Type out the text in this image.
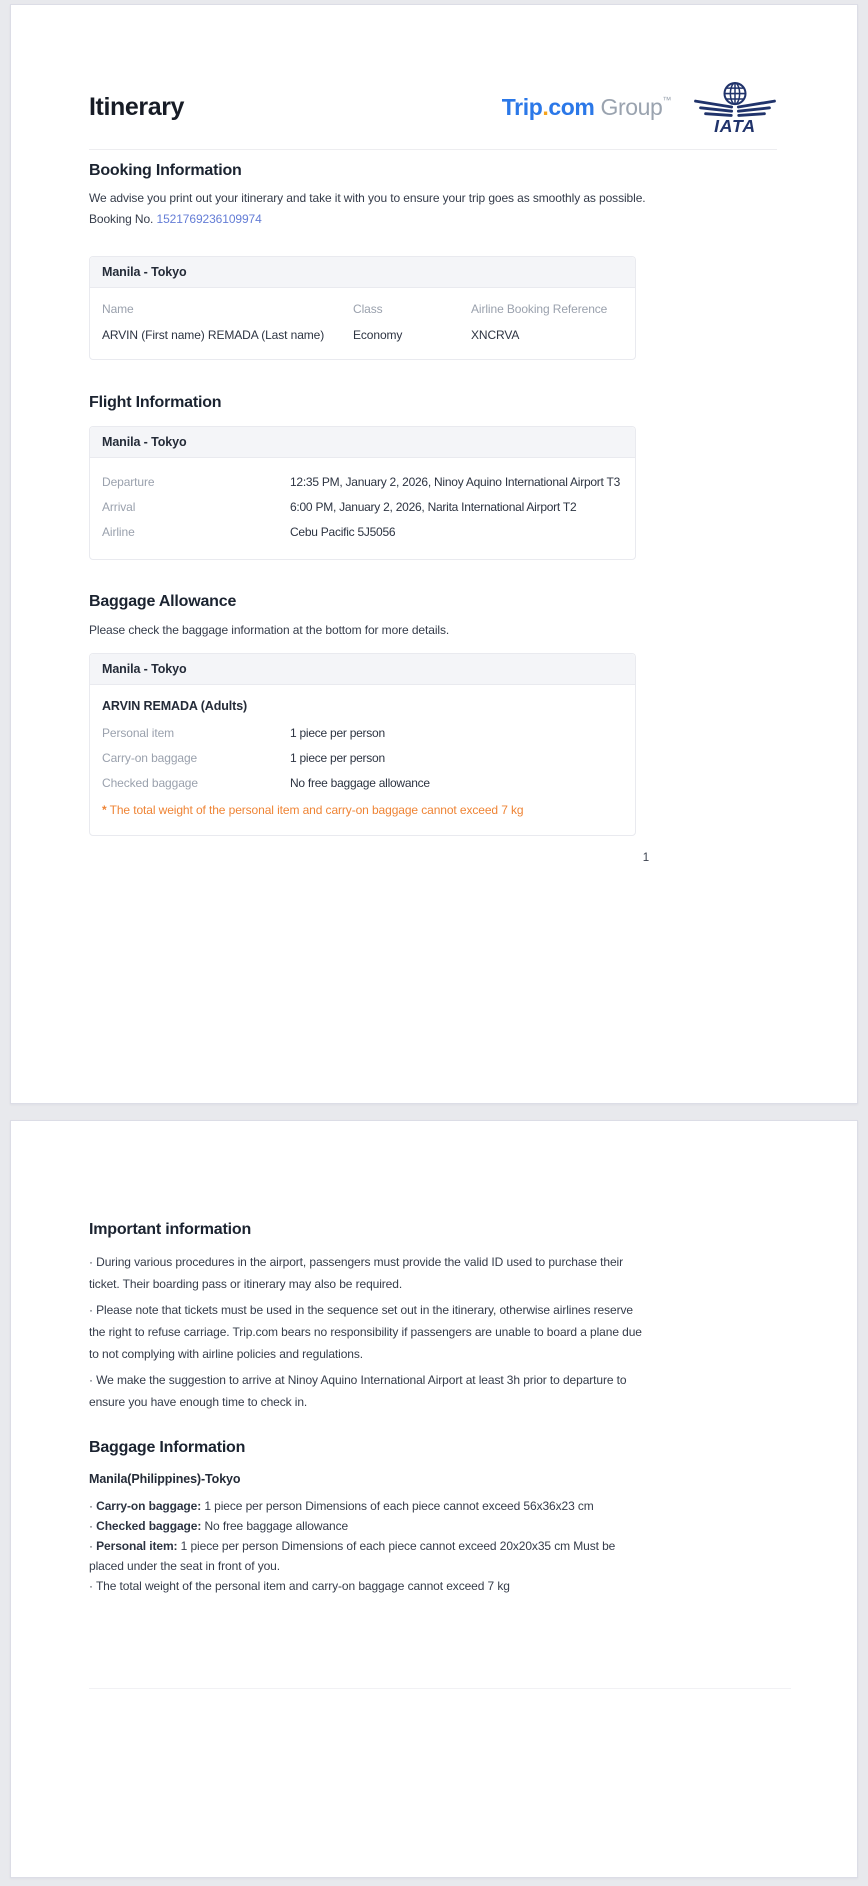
Itinerary	Trip.com Group™
IATA
Booking Information

We advise you print out your itinerary and take it with you to ensure your trip goes as smoothly as possible.

Booking No. 1521769236109974

Manila - Tokyo
Name	Class	Airline Booking Reference
ARVIN (First name) REMADA (Last name)	Economy	XNCRVA
Flight Information
Manila - Tokyo
Departure	12:35 PM, January 2, 2026, Ninoy Aquino International Airport T3
Arrival	6:00 PM, January 2, 2026, Narita International Airport T2
Airline	Cebu Pacific 5J5056
Baggage Allowance

Please check the baggage information at the bottom for more details.

Manila - Tokyo
ARVIN REMADA (Adults)
Personal item	1 piece per person
Carry-on baggage	1 piece per person
Checked baggage	No free baggage allowance

* The total weight of the personal item and carry-on baggage cannot exceed 7 kg

1
Important information

· During various procedures in the airport, passengers must provide the valid ID used to purchase their ticket. Their boarding pass or itinerary may also be required.

· Please note that tickets must be used in the sequence set out in the itinerary, otherwise airlines reserve the right to refuse carriage. Trip.com bears no responsibility if passengers are unable to board a plane due to not complying with airline policies and regulations.

· We make the suggestion to arrive at Ninoy Aquino International Airport at least 3h prior to departure to ensure you have enough time to check in.

Baggage Information
Manila(Philippines)-Tokyo

· Carry-on baggage: 1 piece per person Dimensions of each piece cannot exceed 56x36x23 cm

· Checked baggage: No free baggage allowance

· Personal item: 1 piece per person Dimensions of each piece cannot exceed 20x20x35 cm Must be placed under the seat in front of you.

· The total weight of the personal item and carry-on baggage cannot exceed 7 kg
